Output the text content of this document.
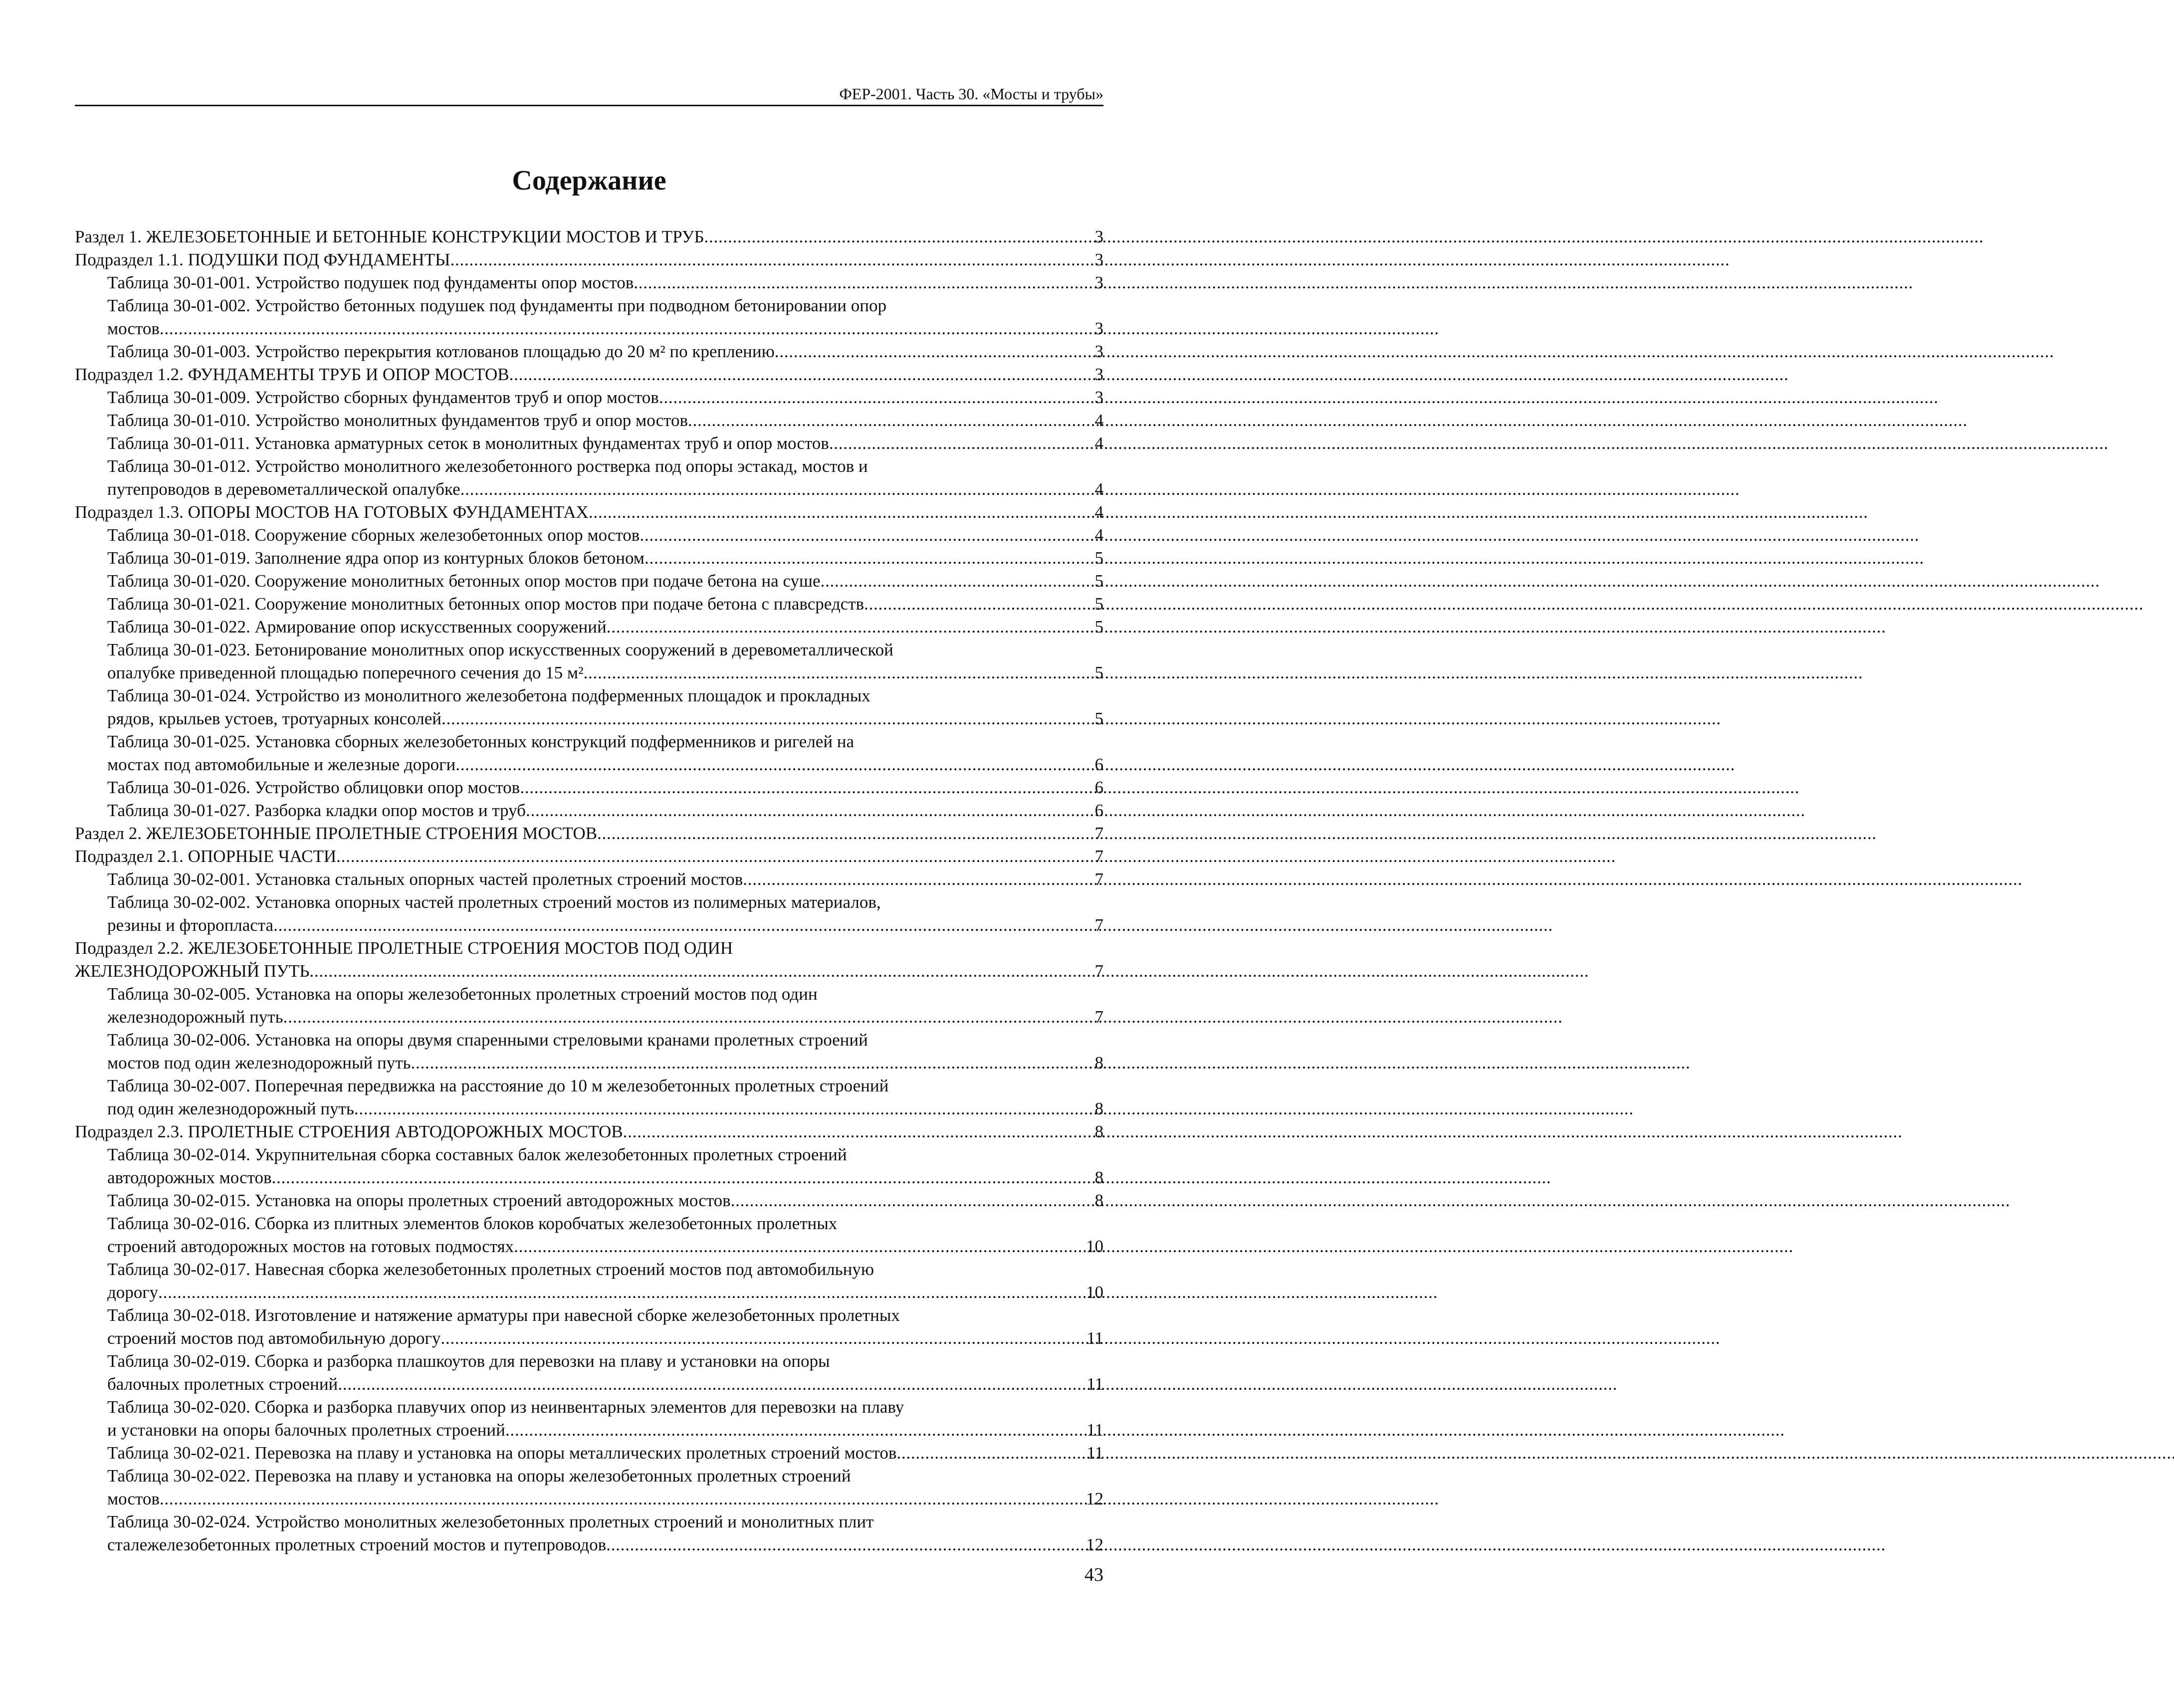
ФЕР-2001. Часть 30. «Мосты и трубы»
Содержание
Раздел 1. ЖЕЛЕЗОБЕТОННЫЕ И БЕТОННЫЕ КОНСТРУКЦИИ МОСТОВ И ТРУБ . . .	3
Подраздел 1.1. ПОДУШКИ ПОД ФУНДАМЕНТЫ . . .	3
Таблица 30-01-001. Устройство подушек под фундаменты опор мостов . . .	3
Таблица 30-01-002. Устройство бетонных подушек под фундаменты при подводном бетонировании опор
мостов . . .	3
Таблица 30-01-003. Устройство перекрытия котлованов площадью до 20 м² по креплению . . .	3
Подраздел 1.2. ФУНДАМЕНТЫ ТРУБ И ОПОР МОСТОВ . . .	3
Таблица 30-01-009. Устройство сборных фундаментов труб и опор мостов . . .	3
Таблица 30-01-010. Устройство монолитных фундаментов труб и опор мостов . . .	4
Таблица 30-01-011. Установка арматурных сеток в монолитных фундаментах труб и опор мостов . . .	4
Таблица 30-01-012. Устройство монолитного железобетонного ростверка под опоры эстакад, мостов и
путепроводов в деревометаллической опалубке . . .	4
Подраздел 1.3. ОПОРЫ МОСТОВ НА ГОТОВЫХ ФУНДАМЕНТАХ . . .	4
Таблица 30-01-018. Сооружение сборных железобетонных опор мостов . . .	4
Таблица 30-01-019. Заполнение ядра опор из контурных блоков бетоном . . .	5
Таблица 30-01-020. Сооружение монолитных бетонных опор мостов при подаче бетона на суше . . .	5
Таблица 30-01-021. Сооружение монолитных бетонных опор мостов при подаче бетона с плавсредств . . .	5
Таблица 30-01-022. Армирование опор искусственных сооружений . . .	5
Таблица 30-01-023. Бетонирование монолитных опор искусственных сооружений в деревометаллической
опалубке приведенной площадью поперечного сечения до 15 м² . . .	5
Таблица 30-01-024. Устройство из монолитного железобетона подферменных площадок и прокладных
рядов, крыльев устоев, тротуарных консолей . . .	5
Таблица 30-01-025. Установка сборных железобетонных конструкций подферменников и ригелей на
мостах под автомобильные и железные дороги . . .	6
Таблица 30-01-026. Устройство облицовки опор мостов . . .	6
Таблица 30-01-027. Разборка кладки опор мостов и труб . . .	6
Раздел 2. ЖЕЛЕЗОБЕТОННЫЕ ПРОЛЕТНЫЕ СТРОЕНИЯ МОСТОВ . . .	7
Подраздел 2.1. ОПОРНЫЕ ЧАСТИ . . .	7
Таблица 30-02-001. Установка стальных опорных частей пролетных строений мостов . . .	7
Таблица 30-02-002. Установка опорных частей пролетных строений мостов из полимерных материалов,
резины и фторопласта . . .	7
Подраздел 2.2. ЖЕЛЕЗОБЕТОННЫЕ ПРОЛЕТНЫЕ СТРОЕНИЯ МОСТОВ ПОД ОДИН
ЖЕЛЕЗНОДОРОЖНЫЙ ПУТЬ . . .	7
Таблица 30-02-005. Установка на опоры железобетонных пролетных строений мостов под один
железнодорожный путь . . .	7
Таблица 30-02-006. Установка на опоры двумя спаренными стреловыми кранами пролетных строений
мостов под один железнодорожный путь . . .	8
Таблица 30-02-007. Поперечная передвижка на расстояние до 10 м железобетонных пролетных строений
под один железнодорожный путь . . .	8
Подраздел 2.3. ПРОЛЕТНЫЕ СТРОЕНИЯ АВТОДОРОЖНЫХ МОСТОВ . . .	8
Таблица 30-02-014. Укрупнительная сборка составных балок железобетонных пролетных строений
автодорожных мостов . . .	8
Таблица 30-02-015. Установка на опоры пролетных строений автодорожных мостов . . .	8
Таблица 30-02-016. Сборка из плитных элементов блоков коробчатых железобетонных пролетных
строений автодорожных мостов на готовых подмостях . . .	10
Таблица 30-02-017. Навесная сборка железобетонных пролетных строений мостов под автомобильную
дорогу . . .	10
Таблица 30-02-018. Изготовление и натяжение арматуры при навесной сборке железобетонных пролетных
строений мостов под автомобильную дорогу . . .	11
Таблица 30-02-019. Сборка и разборка плашкоутов для перевозки на плаву и установки на опоры
балочных пролетных строений . . .	11
Таблица 30-02-020. Сборка и разборка плавучих опор из неинвентарных элементов для перевозки на плаву
и установки на опоры балочных пролетных строений . . .	11
Таблица 30-02-021. Перевозка на плаву и установка на опоры металлических пролетных строений мостов . . .	11
Таблица 30-02-022. Перевозка на плаву и установка на опоры железобетонных пролетных строений
мостов . . .	12
Таблица 30-02-024. Устройство монолитных железобетонных пролетных строений и монолитных плит
сталежелезобетонных пролетных строений мостов и путепроводов . . .	12
43
